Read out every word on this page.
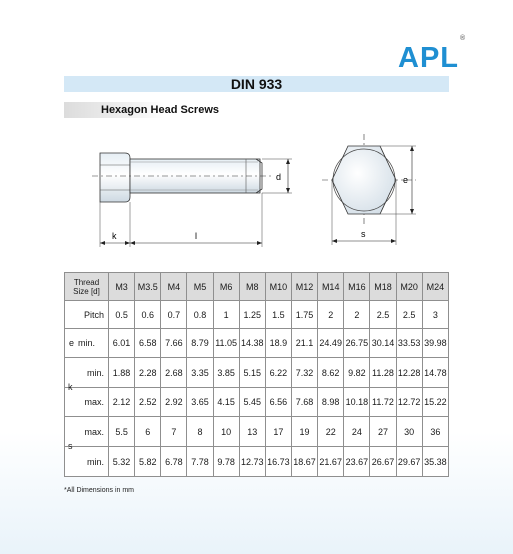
APL®
DIN 933
Hexagon Head Screws
d
k	l
e
s
Thread
Size [d]	M3	M3.5	M4	M5	M6	M8	M10	M12	M14	M16	M18	M20	M24
Pitch	0.5	0.6	0.7	0.8	1	1.25	1.5	1.75	2	2	2.5	2.5	3
e min.	6.01	6.58	7.66	8.79	11.05	14.38	18.9	21.1	24.49	26.75	30.14	33.53	39.98
min.	1.88	2.28	2.68	3.35	3.85	5.15	6.22	7.32	8.62	9.82	11.28	12.28	14.78
max.	2.12	2.52	2.92	3.65	4.15	5.45	6.56	7.68	8.98	10.18	11.72	12.72	15.22
max.	5.5	6	7	8	10	13	17	19	22	24	27	30	36
min.	5.32	5.82	6.78	7.78	9.78	12.73	16.73	18.67	21.67	23.67	26.67	29.67	35.38
*All Dimensions in mm
k
s
